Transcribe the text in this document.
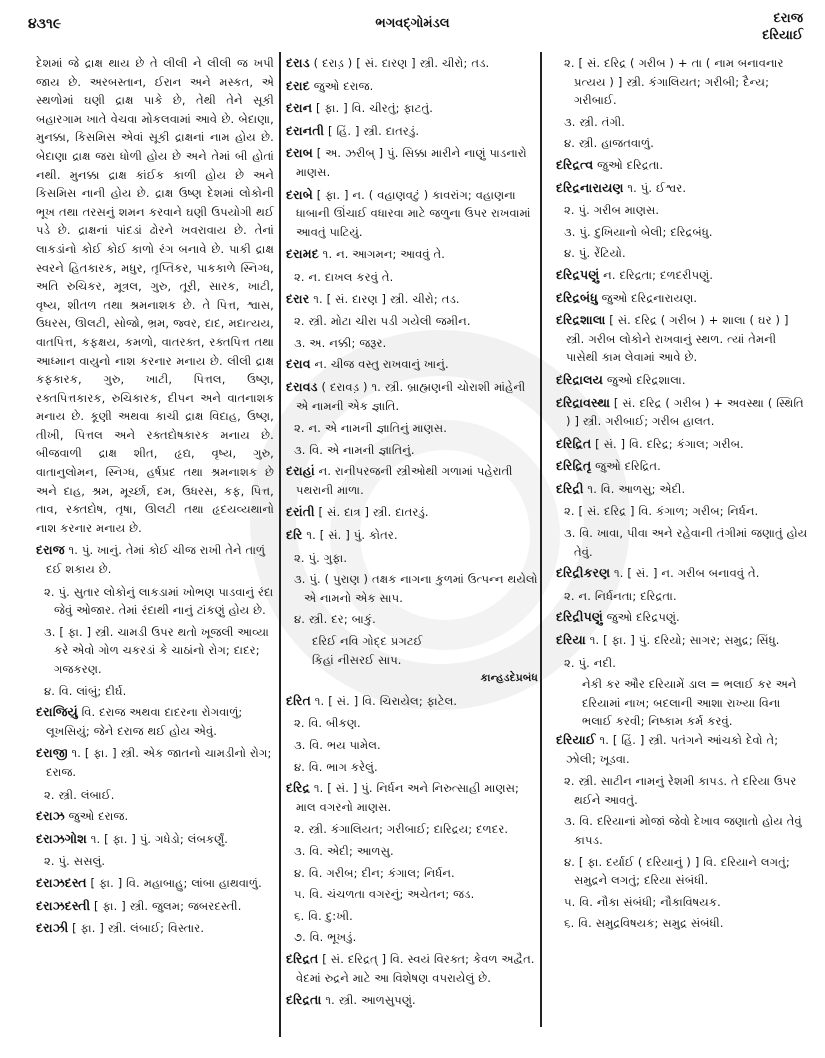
૪૩૧૯	ભગવદ્ગોમંડલ	દરાજ
દરિયાઈ
દેશમાં જે દ્રાક્ષ થાય છે તે લીલી ને લીલી જ ખપી જાય છે. અરબસ્તાન, ઈરાન અને મસ્કત, એ સ્થળોમાં ઘણી દ્રાક્ષ પાકે છે, તેથી તેને સૂકી બહારગામ ખાતે વેચવા મોકલવામાં આવે છે. બેદાણા, મુનક્કા, કિસમિસ એવાં સૂકી દ્રાક્ષનાં નામ હોય છે. બેદાણા દ્રાક્ષ જરા ધોળી હોય છે અને તેમાં બી હોતાં નથી. મુનક્કા દ્રાક્ષ કાંઈક કાળી હોય છે અને કિસમિસ નાની હોય છે. દ્રાક્ષ ઉષ્ણ દેશમાં લોકોની ભૂખ તથા તરસનું શમન કરવાને ઘણી ઉપયોગી થઈ પડે છે. દ્રાક્ષનાં પાંદડાં ઢોરને ખવરાવાય છે. તેનાં લાકડાંનો કોઈ કોઈ કાળો રંગ બનાવે છે. પાકી દ્રાક્ષ સ્વરને હિતકારક, મધુર, તૃપ્તિકર, પાકકાળે સ્નિગ્ધ, અતિ રુચિકર, મૂત્રલ, ગુરુ, તૂરી, સારક, ખાટી, વૃષ્ય, શીતળ તથા શ્રમનાશક છે. તે પિત્ત, શ્વાસ, ઉધરસ, ઊલટી, સોજો, ભ્રમ, જ્વર, દાદ, મદાત્યય, વાતપિત્ત, કફક્ષય, કમળો, વાતરક્ત, રક્તપિત્ત તથા આધ્માન વાયુનો નાશ કરનાર મનાય છે. લીલી દ્રાક્ષ કફકારક, ગુરુ, ખાટી, પિત્તલ, ઉષ્ણ, રક્તપિત્તકારક, રુચિકારક, દીપન અને વાતનાશક મનાય છે. કૂણી અથવા કાચી દ્રાક્ષ વિદાહ, ઉષ્ણ, તીખી, પિત્તલ અને રક્તદોષકારક મનાય છે. બીજવાળી દ્રાક્ષ શીત, હૃદ્ય, વૃષ્ય, ગુરુ, વાતાનુલોમન, સ્નિગ્ધ, હર્ષપ્રદ તથા શ્રમનાશક છે અને દાહ, શ્રમ, મૂર્ચ્છા, દમ, ઉધરસ, કફ, પિત્ત, તાવ, રક્તદોષ, તૃષા, ઊલટી તથા હૃદયવ્યથાનો નાશ કરનાર મનાય છે.
દરાજ ૧. પું. ખાનું. તેમાં કોઈ ચીજ રાખી તેને તાળું દઈ શકાય છે.
૨. પું. સુતાર લોકોનું લાકડામાં ખોભણ પાડવાનું રંદા જેવું ઓજાર. તેમાં રંદાથી નાનું ટાંકણું હોય છે.
૩. [ ફા. ] સ્ત્રી. ચામડી ઉપર થતો ખૂજલી આવ્યા કરે એવો ગોળ ચકરડાં કે ચાઠાંનો રોગ; દાદર; ગજકરણ.
૪. વિ. લાંબું; દીર્ઘ.
દરાજિયું વિ. દરાજ અથવા દાદરના રોગવાળું; લૂખસિયું; જેને દરાજ થઈ હોય એવું.
દરાજી ૧. [ ફા. ] સ્ત્રી. એક જાતનો ચામડીનો રોગ; દરાજ.
૨. સ્ત્રી. લંબાઈ.
દરાઝ જુઓ દરાજ.
દરાઝગોશ ૧. [ ફા. ] પું. ગધેડો; લંબકર્ણું.
૨. પું. સસલું.
દરાઝદસ્ત [ ફા. ] વિ. મહાબાહુ; લાંબા હાથવાળું.
દરાઝદસ્તી [ ફા. ] સ્ત્રી. જુલમ; જબરદસ્તી.
દરાઝી [ ફા. ] સ્ત્રી. લંબાઈ; વિસ્તાર.
દરાડ ( દરાડ઼ ) [ સં. દારણ ] સ્ત્રી. ચીરો; તડ.
દરાદ જુઓ દરાજ.
દરાન [ ફા. ] વિ. ચીરતું; ફાટતું.
દરાનતી [ હિં. ] સ્ત્રી. દાતરડું.
દરાબ [ અ. ઝરીબ્ ] પું. સિક્કા મારીને નાણું પાડનારો માણસ.
દરાબે [ ફા. ] ન. ( વહાણવટું ) કાવરાંગ; વહાણના ધાબાની ઊંચાઈ વધારવા માટે જળુના ઉપર રાખવામાં આવતું પાટિયું.
દરામદ ૧. ન. આગમન; આવવું તે.
૨. ન. દાખલ કરવું તે.
દરાર ૧. [ સં. દારણ ] સ્ત્રી. ચીરો; તડ.
૨. સ્ત્રી. મોટા ચીરા પડી ગયેલી જમીન.
૩. અ. નક્કી; જરૂર.
દરાવ ન. ચીજ વસ્તુ રાખવાનું ખાનું.
દરાવડ ( દરાવડ઼ ) ૧. સ્ત્રી. બ્રાહ્મણની ચોરાશી માંહેની એ નામની એક જ્ઞાતિ.
૨. ન. એ નામની જ્ઞાતિનું માણસ.
૩. વિ. એ નામની જ્ઞાતિનું.
દરાહાં ન. રાનીપરજની સ્ત્રીઓથી ગળામાં પહેરાતી પથરાની માળા.
દરાંતી [ સં. દાત્ર ] સ્ત્રી. દાતરડું.
દરિ ૧. [ સં. ] પું. કોતર.
૨. પું. ગુફા.
૩. પું. ( પુરાણ ) તક્ષક નાગના કુળમાં ઉત્પન્ન થયેલો એ નામનો એક સાપ.
૪. સ્ત્રી. દર; બાકું.
દરિઈ નવિ ગોદ્દ પ્રગટઈ
કિહાં નીસરઈ સાપ.
કાન્હડદેપ્રબંધ
દરિત ૧. [ સં. ] વિ. ચિરાયેલ; ફાટેલ.
૨. વિ. બીકણ.
૩. વિ. ભય પામેલ.
૪. વિ. ભાગ કરેલું.
દરિદ્ર ૧. [ સં. ] પું. નિર્ધન અને નિરુત્સાહી માણસ; માલ વગરનો માણસ.
૨. સ્ત્રી. કંગાલિયત; ગરીબાઈ; દારિદ્રય; દળદર.
૩. વિ. એદી; આળસુ.
૪. વિ. ગરીબ; દીન; કંગાલ; નિર્ધન.
૫. વિ. ચંચળતા વગરનું; અચેતન; જડ.
૬. વિ. દુ:ખી.
૭. વિ. ભૂખડું.
દરિદ્રત [ સં. દરિદ્રત્ ] વિ. સ્વયં વિરક્ત; કેવળ અદ્વૈત. વેદમાં રુદ્રને માટે આ વિશેષણ વપરાયેલું છે.
દરિદ્રતા ૧. સ્ત્રી. આળસુપણું.
૨. [ સં. દરિદ્ર ( ગરીબ ) + તા ( નામ બનાવનાર પ્રત્યય ) ] સ્ત્રી. કંગાલિયત; ગરીબી; દૈન્ય; ગરીબાઈ.
૩. સ્ત્રી. તંગી.
૪. સ્ત્રી. હાજતવાળું.
દરિદ્રત્વ જુઓ દરિદ્રતા.
દરિદ્રનારાયણ ૧. પું. ઈશ્વર.
૨. પું. ગરીબ માણસ.
૩. પું. દુખિયાનો બેલી; દરિદ્રબંધુ.
૪. પું. રેંટિયો.
દરિદ્રપણું ન. દરિદ્રતા; દળદરીપણું.
દરિદ્રબંધુ જુઓ દરિદ્રનારાયણ.
દરિદ્રશાલા [ સં. દરિદ્ર ( ગરીબ ) + શાલા ( ઘર ) ] સ્ત્રી. ગરીબ લોકોને રાખવાનું સ્થળ. ત્યાં તેમની પાસેથી કામ લેવામાં આવે છે.
દરિદ્રાલય જુઓ દરિદ્રશાલા.
દરિદ્રાવસ્થા [ સં. દરિદ્ર ( ગરીબ ) + અવસ્થા ( સ્થિતિ ) ] સ્ત્રી. ગરીબાઈ; ગરીબ હાલત.
દરિદ્રિત [ સં. ] વિ. દરિદ્ર; કંગાલ; ગરીબ.
દરિદ્રિતૃ જુઓ દરિદ્રિત.
દરિદ્રી ૧. વિ. આળસુ; એદી.
૨. [ સં. દરિદ્ર ] વિ. કંગાળ; ગરીબ; નિર્ધન.
૩. વિ. ખાવા, પીવા અને રહેવાની તંગીમાં જણાતું હોય તેવું.
દરિદ્રીકરણ ૧. [ સં. ] ન. ગરીબ બનાવવું તે.
૨. ન. નિર્ધનતા; દરિદ્રતા.
દરિદ્રીપણું જુઓ દરિદ્રપણું.
દરિયા ૧. [ ફા. ] પું. દરિયો; સાગર; સમુદ્ર; સિંધુ.
૨. પું. નદી.
નેકી કર ઔર દરિયામેં ડાલ = ભલાઈ કર અને દરિયામાં નાખ; બદલાની આશા રાખ્યા વિના ભલાઈ કરવી; નિષ્કામ કર્મ કરવું.
દરિયાઈ ૧. [ હિં. ] સ્ત્રી. પતંગને આંચકો દેવો તે; ઝોલી; ખૂડવા.
૨. સ્ત્રી. સાટીન નામનું રેશમી કાપડ. તે દરિયા ઉપર થઈને આવતું.
૩. વિ. દરિયાનાં મોજાં જેવો દેખાવ જણાતો હોય તેવું કાપડ.
૪. [ ફા. દર્યાઈ ( દરિયાનું ) ] વિ. દરિયાને લગતું; સમુદ્રને લગતું; દરિયા સંબંધી.
૫. વિ. નૌકા સંબંધી; નૌકાવિષયક.
૬. વિ. સમુદ્રવિષયક; સમુદ્ર સંબંધી.
